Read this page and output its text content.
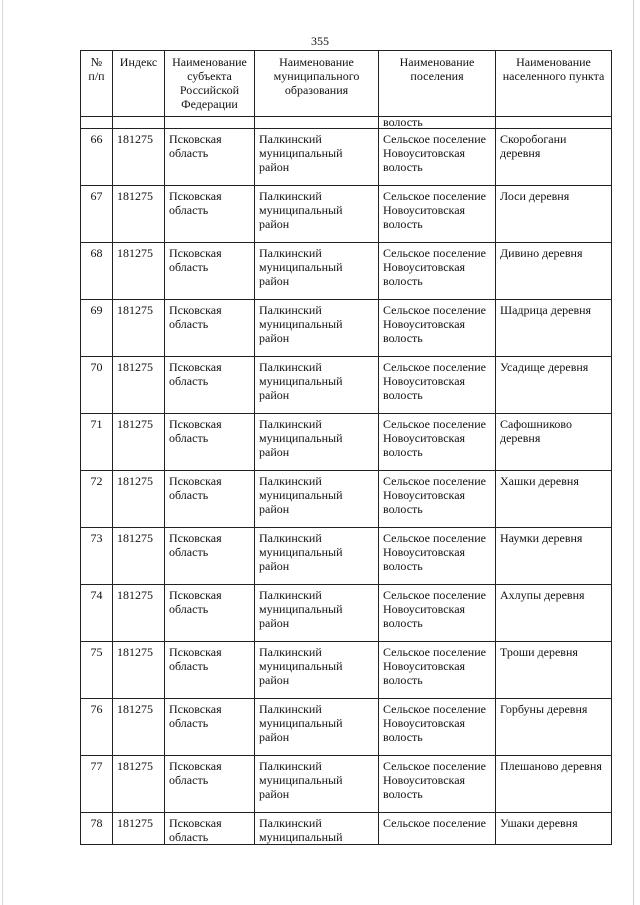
355
№ п/п	Индекс	Наименование субъекта Российской Федерации	Наименование муниципального образования	Наименование поселения	Наименование населенного пункта
				волость	
66	181275	Псковская область	Палкинский муниципальный район	Сельское поселение Новоуситовская волость	Скоробогани деревня
67	181275	Псковская область	Палкинский муниципальный район	Сельское поселение Новоуситовская волость	Лоси деревня
68	181275	Псковская область	Палкинский муниципальный район	Сельское поселение Новоуситовская волость	Дивино деревня
69	181275	Псковская область	Палкинский муниципальный район	Сельское поселение Новоуситовская волость	Шадрица деревня
70	181275	Псковская область	Палкинский муниципальный район	Сельское поселение Новоуситовская волость	Усадище деревня
71	181275	Псковская область	Палкинский муниципальный район	Сельское поселение Новоуситовская волость	Сафошниково деревня
72	181275	Псковская область	Палкинский муниципальный район	Сельское поселение Новоуситовская волость	Хашки деревня
73	181275	Псковская область	Палкинский муниципальный район	Сельское поселение Новоуситовская волость	Наумки деревня
74	181275	Псковская область	Палкинский муниципальный район	Сельское поселение Новоуситовская волость	Ахлупы деревня
75	181275	Псковская область	Палкинский муниципальный район	Сельское поселение Новоуситовская волость	Троши деревня
76	181275	Псковская область	Палкинский муниципальный район	Сельское поселение Новоуситовская волость	Горбуны деревня
77	181275	Псковская область	Палкинский муниципальный район	Сельское поселение Новоуситовская волость	Плешаново деревня
78	181275	Псковская область	Палкинский муниципальный	Сельское поселение	Ушаки деревня
